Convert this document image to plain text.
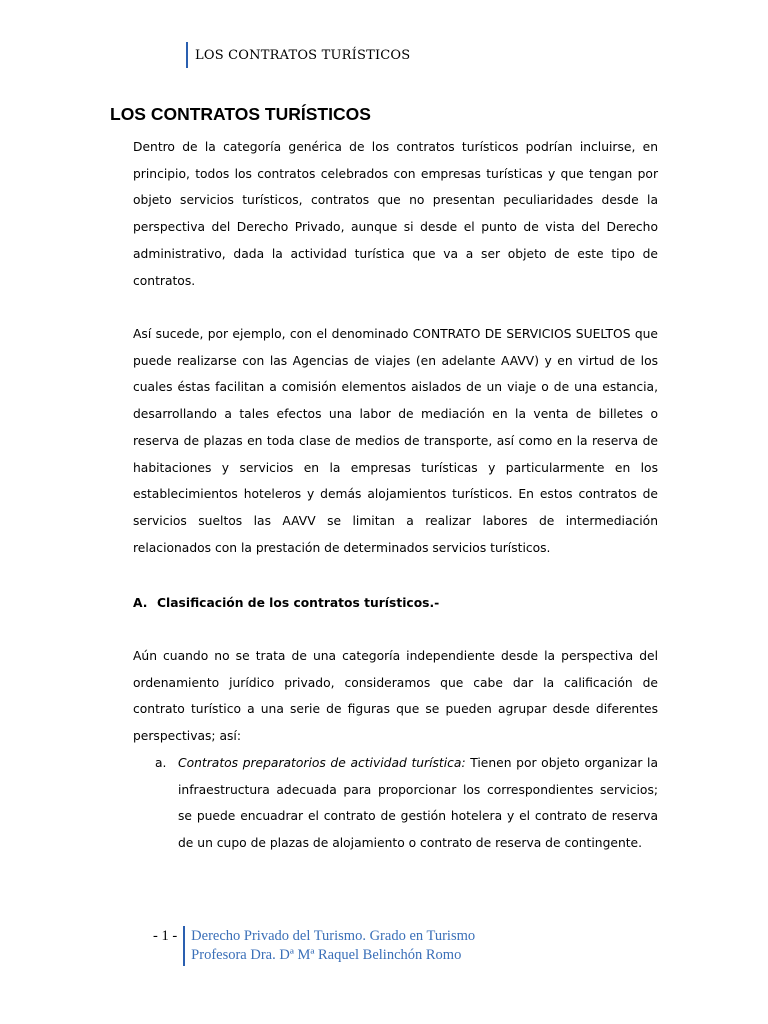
LOS CONTRATOS TURÍSTICOS
LOS CONTRATOS TURÍSTICOS

Dentro de la categoría genérica de los contratos turísticos podrían incluirse, en principio, todos los contratos celebrados con empresas turísticas y que tengan por objeto servicios turísticos, contratos que no presentan peculiaridades desde la perspectiva del Derecho Privado, aunque si desde el punto de vista del Derecho administrativo, dada la actividad turística que va a ser objeto de este tipo de contratos.

Así sucede, por ejemplo, con el denominado CONTRATO DE SERVICIOS SUELTOS que puede realizarse con las Agencias de viajes (en adelante AAVV) y en virtud de los cuales éstas facilitan a comisión elementos aislados de un viaje o de una estancia, desarrollando a tales efectos una labor de mediación en la venta de billetes o reserva de plazas en toda clase de medios de transporte, así como en la reserva de habitaciones y servicios en la empresas turísticas y particularmente en los establecimientos hoteleros y demás alojamientos turísticos. En estos contratos de servicios sueltos las AAVV se limitan a realizar labores de intermediación relacionados con la prestación de determinados servicios turísticos.

A. Clasificación de los contratos turísticos.-

Aún cuando no se trata de una categoría independiente desde la perspectiva del ordenamiento jurídico privado, consideramos que cabe dar la calificación de contrato turístico a una serie de figuras que se pueden agrupar desde diferentes perspectivas; así:

a. Contratos preparatorios de actividad turística: Tienen por objeto organizar la infraestructura adecuada para proporcionar los correspondientes servicios; se puede encuadrar el contrato de gestión hotelera y el contrato de reserva de un cupo de plazas de alojamiento o contrato de reserva de contingente.
- 1 - Derecho Privado del Turismo. Grado en Turismo
Profesora Dra. Dª Mª Raquel Belinchón Romo
